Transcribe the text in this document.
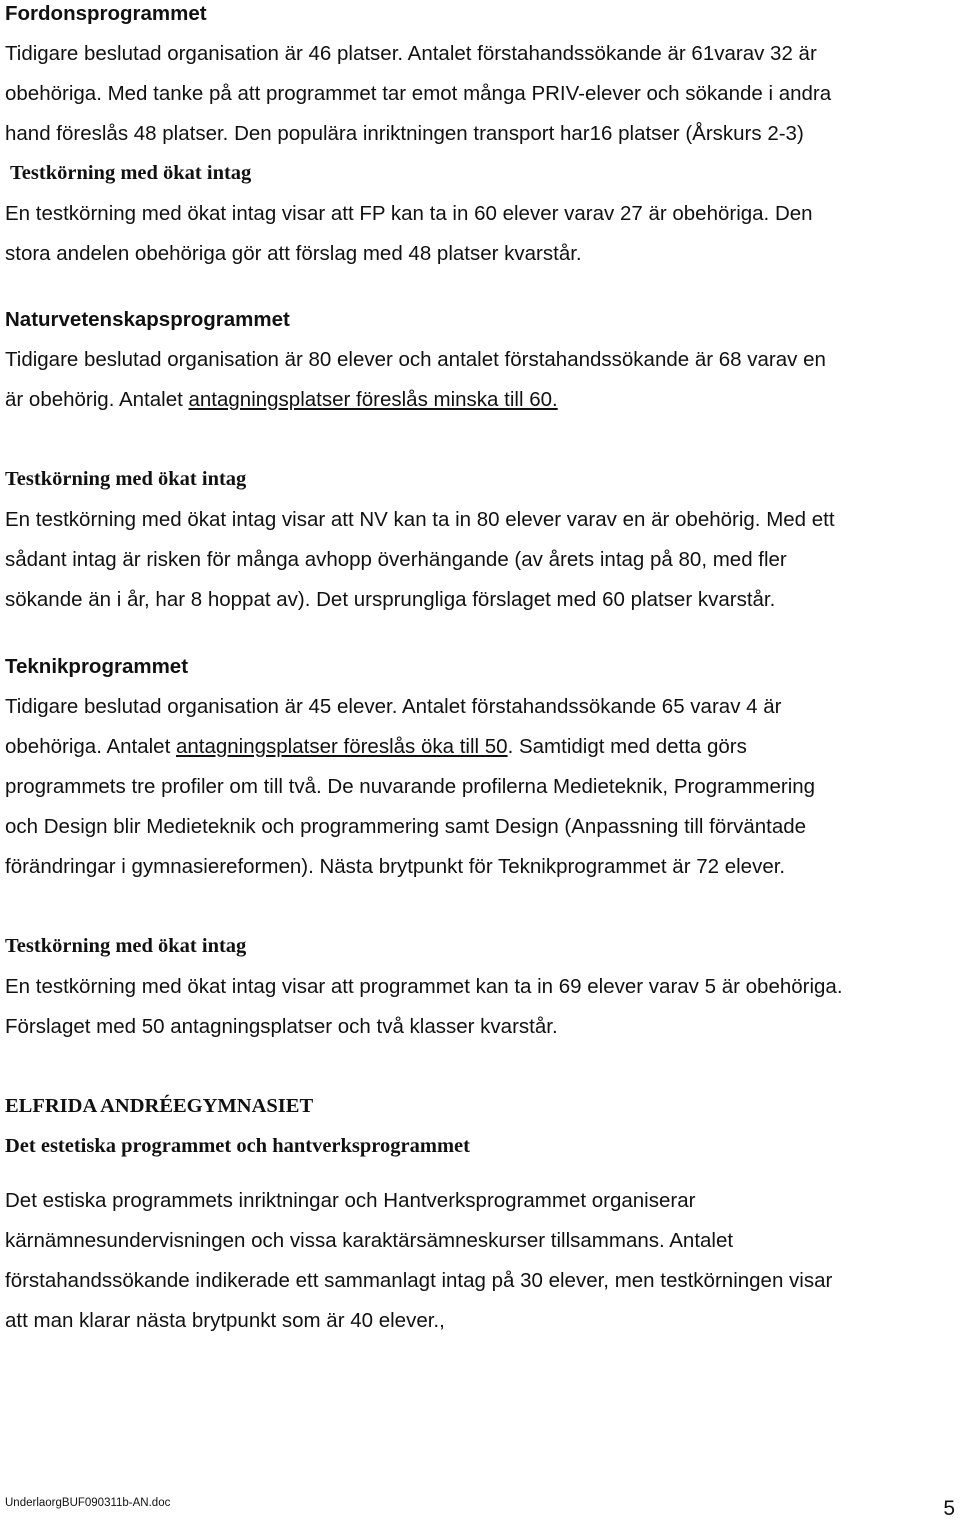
Fordonsprogrammet
Tidigare beslutad organisation är 46 platser. Antalet förstahandssökande är 61varav 32 är
obehöriga. Med tanke på att programmet tar emot många PRIV-elever och sökande i andra
hand föreslås 48 platser. Den populära inriktningen transport har16 platser (Årskurs 2-3)
Testkörning med ökat intag
En testkörning med ökat intag visar att FP kan ta in 60 elever varav 27 är obehöriga. Den
stora andelen obehöriga gör att förslag med 48 platser kvarstår.
Naturvetenskapsprogrammet
Tidigare beslutad organisation är 80 elever och antalet förstahandssökande är 68 varav en
är obehörig. Antalet antagningsplatser föreslås minska till 60.
Testkörning med ökat intag
En testkörning med ökat intag visar att NV kan ta in 80 elever varav en är obehörig. Med ett
sådant intag är risken för många avhopp överhängande (av årets intag på 80, med fler
sökande än i år, har 8 hoppat av). Det ursprungliga förslaget med 60 platser kvarstår.
Teknikprogrammet
Tidigare beslutad organisation är 45 elever. Antalet förstahandssökande 65 varav 4 är
obehöriga. Antalet antagningsplatser föreslås öka till 50. Samtidigt med detta görs
programmets tre profiler om till två. De nuvarande profilerna Medieteknik, Programmering
och Design blir Medieteknik och programmering samt Design (Anpassning till förväntade
förändringar i gymnasiereformen). Nästa brytpunkt för Teknikprogrammet är 72 elever.
Testkörning med ökat intag
En testkörning med ökat intag visar att programmet kan ta in 69 elever varav 5 är obehöriga.
Förslaget med 50 antagningsplatser och två klasser kvarstår.
ELFRIDA ANDRÉEGYMNASIET
Det estetiska programmet och hantverksprogrammet
Det estiska programmets inriktningar och Hantverksprogrammet organiserar
kärnämnesundervisningen och vissa karaktärsämneskurser tillsammans. Antalet
förstahandssökande indikerade ett sammanlagt intag på 30 elever, men testkörningen visar
att man klarar nästa brytpunkt som är 40 elever.,
UnderlaorgBUF090311b-AN.doc	5
